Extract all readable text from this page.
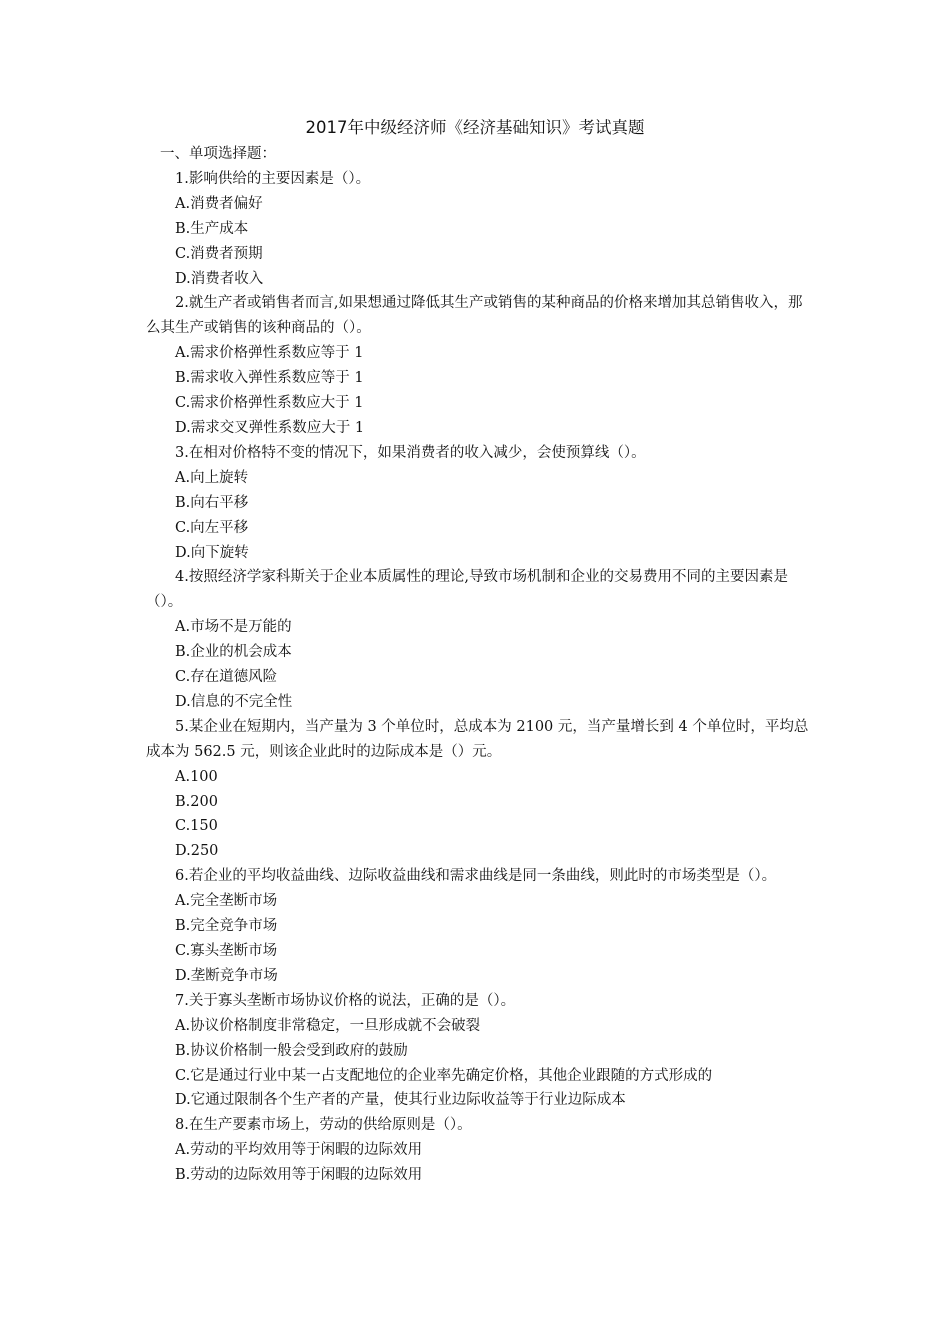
2017年中级经济师《经济基础知识》考试真题

一、单项选择题：

1.影响供给的主要因素是（）。

A.消费者偏好

B.生产成本

C.消费者预期

D.消费者收入

2.就生产者或销售者而言,如果想通过降低其生产或销售的某种商品的价格来增加其总销售收入，那么其生产或销售的该种商品的（）。

A.需求价格弹性系数应等于 1

B.需求收入弹性系数应等于 1

C.需求价格弹性系数应大于 1

D.需求交叉弹性系数应大于 1

3.在相对价格特不变的情况下，如果消费者的收入减少，会使预算线（）。

A.向上旋转

B.向右平移

C.向左平移

D.向下旋转

4.按照经济学家科斯关于企业本质属性的理论,导致市场机制和企业的交易费用不同的主要因素是（）。

A.市场不是万能的

B.企业的机会成本

C.存在道德风险

D.信息的不完全性

5.某企业在短期内，当产量为 3 个单位时，总成本为 2100 元，当产量增长到 4 个单位时，平均总成本为 562.5 元，则该企业此时的边际成本是（）元。

A.100

B.200

C.150

D.250

6.若企业的平均收益曲线、边际收益曲线和需求曲线是同一条曲线，则此时的市场类型是（）。

A.完全垄断市场

B.完全竞争市场

C.寡头垄断市场

D.垄断竞争市场

7.关于寡头垄断市场协议价格的说法，正确的是（）。

A.协议价格制度非常稳定，一旦形成就不会破裂

B.协议价格制一般会受到政府的鼓励

C.它是通过行业中某一占支配地位的企业率先确定价格，其他企业跟随的方式形成的

D.它通过限制各个生产者的产量，使其行业边际收益等于行业边际成本

8.在生产要素市场上，劳动的供给原则是（）。

A.劳动的平均效用等于闲暇的边际效用

B.劳动的边际效用等于闲暇的边际效用
